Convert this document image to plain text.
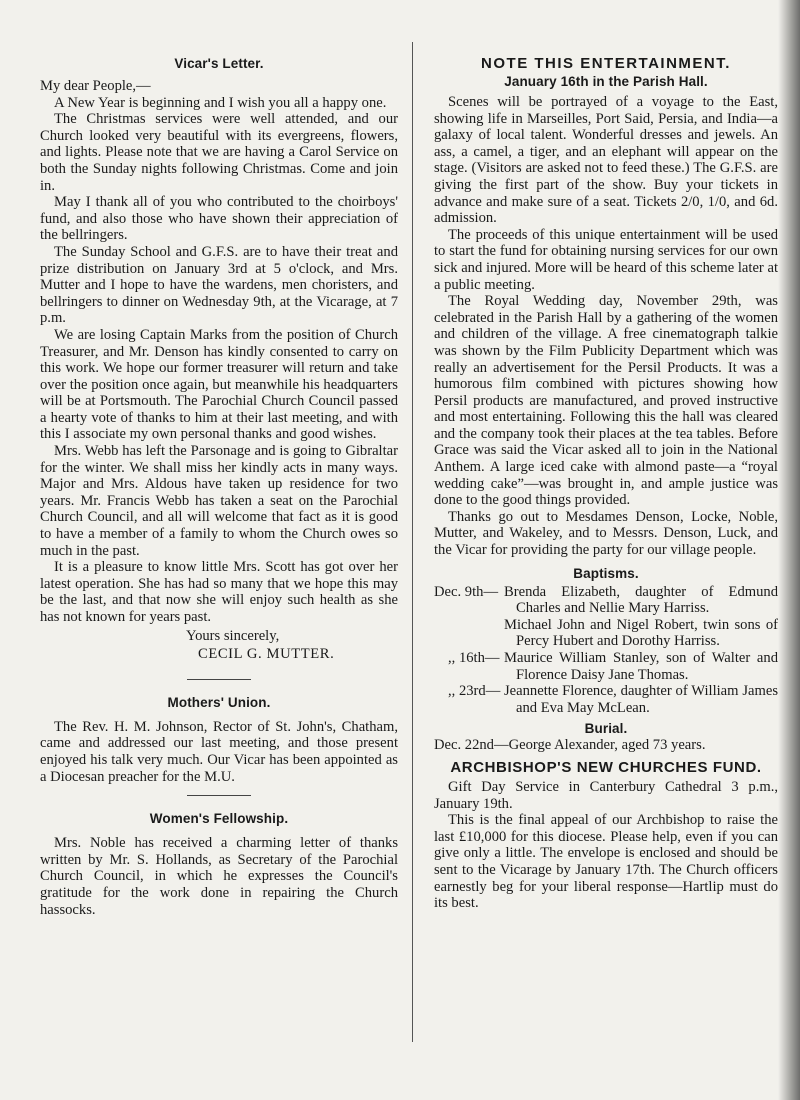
Vicar's Letter.
My dear People,—

A New Year is beginning and I wish you all a happy one.

The Christmas services were well attended, and our Church looked very beautiful with its evergreens, flowers, and lights. Please note that we are having a Carol Service on both the Sunday nights following Christmas. Come and join in.

May I thank all of you who contributed to the choirboys' fund, and also those who have shown their appreciation of the bellringers.

The Sunday School and G.F.S. are to have their treat and prize distribution on January 3rd at 5 o'clock, and Mrs. Mutter and I hope to have the wardens, men choristers, and bellringers to dinner on Wednesday 9th, at the Vicarage, at 7 p.m.

We are losing Captain Marks from the position of Church Treasurer, and Mr. Denson has kindly consented to carry on this work. We hope our former treasurer will return and take over the position once again, but meanwhile his headquarters will be at Portsmouth. The Parochial Church Council passed a hearty vote of thanks to him at their last meeting, and with this I associate my own personal thanks and good wishes.

Mrs. Webb has left the Parsonage and is going to Gibraltar for the winter. We shall miss her kindly acts in many ways. Major and Mrs. Aldous have taken up residence for two years. Mr. Francis Webb has taken a seat on the Parochial Church Council, and all will welcome that fact as it is good to have a member of a family to whom the Church owes so much in the past.

It is a pleasure to know little Mrs. Scott has got over her latest operation. She has had so many that we hope this may be the last, and that now she will enjoy such health as she has not known for years past.

Yours sincerely,

CECIL G. MUTTER.

Mothers' Union.

The Rev. H. M. Johnson, Rector of St. John's, Chatham, came and addressed our last meeting, and those present enjoyed his talk very much. Our Vicar has been appointed as a Diocesan preacher for the M.U.

Women's Fellowship.

Mrs. Noble has received a charming letter of thanks written by Mr. S. Hollands, as Secretary of the Parochial Church Council, in which he expresses the Council's gratitude for the work done in repairing the Church hassocks.

NOTE THIS ENTERTAINMENT.
January 16th in the Parish Hall.

Scenes will be portrayed of a voyage to the East, showing life in Marseilles, Port Said, Persia, and India—a galaxy of local talent. Wonderful dresses and jewels. An ass, a camel, a tiger, and an elephant will appear on the stage. (Visitors are asked not to feed these.) The G.F.S. are giving the first part of the show. Buy your tickets in advance and make sure of a seat. Tickets 2/0, 1/0, and 6d. admission.

The proceeds of this unique entertainment will be used to start the fund for obtaining nursing services for our own sick and injured. More will be heard of this scheme later at a public meeting.

The Royal Wedding day, November 29th, was celebrated in the Parish Hall by a gathering of the women and children of the village. A free cinematograph talkie was shown by the Film Publicity Department which was really an advertisement for the Persil Products. It was a humorous film combined with pictures showing how Persil products are manufactured, and proved instructive and most entertaining. Following this the hall was cleared and the company took their places at the tea tables. Before Grace was said the Vicar asked all to join in the National Anthem. A large iced cake with almond paste—a “royal wedding cake”—was brought in, and ample justice was done to the good things provided.

Thanks go out to Mesdames Denson, Locke, Noble, Mutter, and Wakeley, and to Messrs. Denson, Luck, and the Vicar for providing the party for our village people.

Baptisms.
Dec. 9th— Brenda Elizabeth, daughter of Edmund Charles and Nellie Mary Harriss.
Michael John and Nigel Robert, twin sons of Percy Hubert and Dorothy Harriss.
,, 16th— Maurice William Stanley, son of Walter and Florence Daisy Jane Thomas.
,, 23rd— Jeannette Florence, daughter of William James and Eva May McLean.
Burial.

Dec. 22nd—George Alexander, aged 73 years.

ARCHBISHOP'S NEW CHURCHES FUND.

Gift Day Service in Canterbury Cathedral 3 p.m., January 19th.

This is the final appeal of our Archbishop to raise the last £10,000 for this diocese. Please help, even if you can give only a little. The envelope is enclosed and should be sent to the Vicarage by January 17th. The Church officers earnestly beg for your liberal response—Hartlip must do its best.
